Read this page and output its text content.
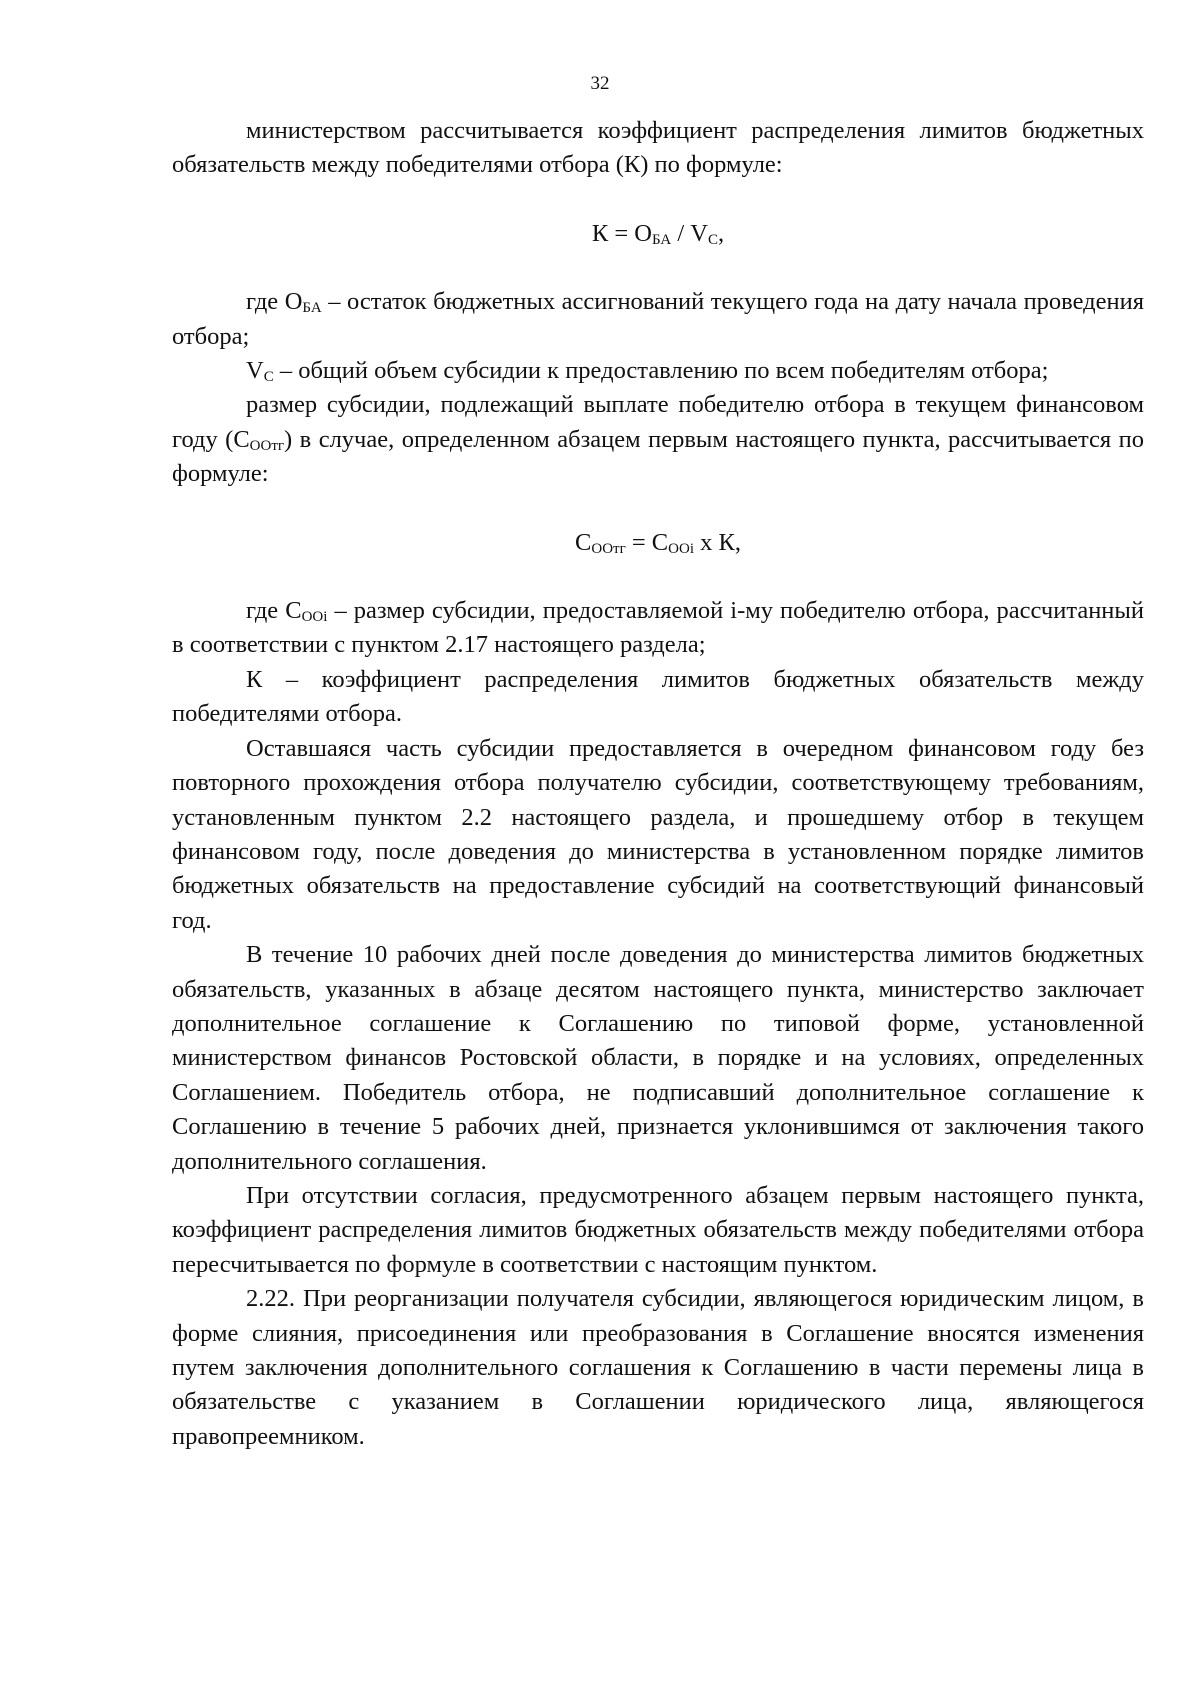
32

министерством рассчитывается коэффициент распределения лимитов бюджетных обязательств между победителями отбора (К) по формуле:

$К = О_{БА} / V_С$,

где $О_{БА}$ – остаток бюджетных ассигнований текущего года на дату начала проведения отбора;

$V_С$ – общий объем субсидии к предоставлению по всем победителям отбора;

размер субсидии, подлежащий выплате победителю отбора в текущем финансовом году $(С_{ООтг})$ в случае, определенном абзацем первым настоящего пункта, рассчитывается по формуле:

$С_{ООтг} = С_{ООi}$ х К,

где $С_{ООi}$ – размер субсидии, предоставляемой i-му победителю отбора, рассчитанный в соответствии с пунктом 2.17 настоящего раздела;

К – коэффициент распределения лимитов бюджетных обязательств между победителями отбора.

Оставшаяся часть субсидии предоставляется в очередном финансовом году без повторного прохождения отбора получателю субсидии, соответствующему требованиям, установленным пунктом 2.2 настоящего раздела, и прошедшему отбор в текущем финансовом году, после доведения до министерства в установленном порядке лимитов бюджетных обязательств на предоставление субсидий на соответствующий финансовый год.

В течение 10 рабочих дней после доведения до министерства лимитов бюджетных обязательств, указанных в абзаце десятом настоящего пункта, министерство заключает дополнительное соглашение к Соглашению по типовой форме, установленной министерством финансов Ростовской области, в порядке и на условиях, определенных Соглашением. Победитель отбора, не подписавший дополнительное соглашение к Соглашению в течение 5 рабочих дней, признается уклонившимся от заключения такого дополнительного соглашения.

При отсутствии согласия, предусмотренного абзацем первым настоящего пункта, коэффициент распределения лимитов бюджетных обязательств между победителями отбора пересчитывается по формуле в соответствии с настоящим пунктом.

2.22. При реорганизации получателя субсидии, являющегося юридическим лицом, в форме слияния, присоединения или преобразования в Соглашение вносятся изменения путем заключения дополнительного соглашения к Соглашению в части перемены лица в обязательстве с указанием в Соглашении юридического лица, являющегося правопреемником.
